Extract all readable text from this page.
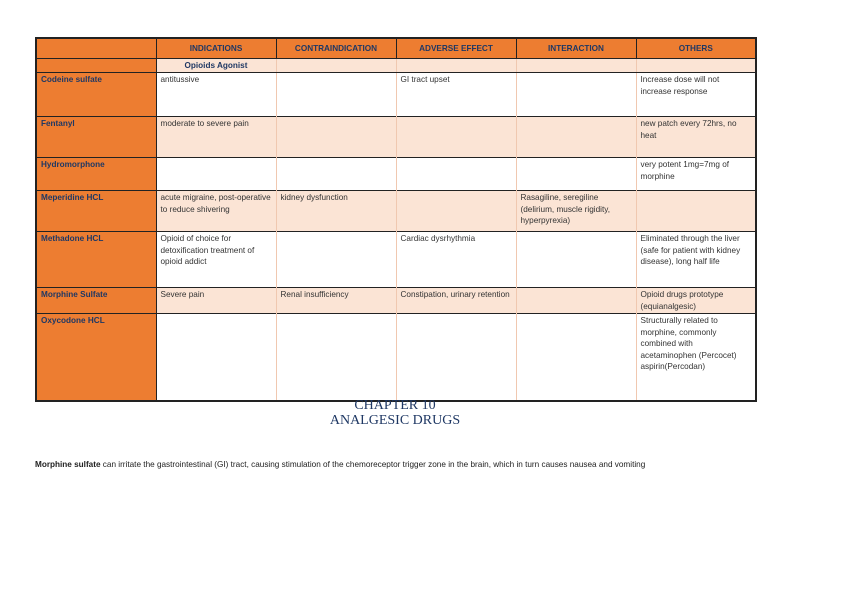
	INDICATIONS	CONTRAINDICATION	ADVERSE EFFECT	INTERACTION	OTHERS
	Opioids Agonist				
Codeine sulfate	antitussive		GI tract upset		Increase dose will not increase response
Fentanyl	moderate to severe pain				new patch every 72hrs, no heat
Hydromorphone					very potent 1mg=7mg of morphine
Meperidine HCL	acute migraine, post-operative to reduce shivering	kidney dysfunction		Rasagiline, seregiline (delirium, muscle rigidity, hyperpyrexia)	
Methadone HCL	Opioid of choice for detoxification treatment of opioid addict		Cardiac dysrhythmia		Eliminated through the liver (safe for patient with kidney disease), long half life
Morphine Sulfate	Severe pain	Renal insufficiency	Constipation, urinary retention		Opioid drugs prototype (equianalgesic)
Oxycodone HCL					Structurally related to morphine, commonly combined with acetaminophen (Percocet) aspirin(Percodan)
CHAPTER 10
ANALGESIC DRUGS
Morphine sulfate can irritate the gastrointestinal (GI) tract, causing stimulation of the chemoreceptor trigger zone in the brain, which in turn causes nausea and vomiting
